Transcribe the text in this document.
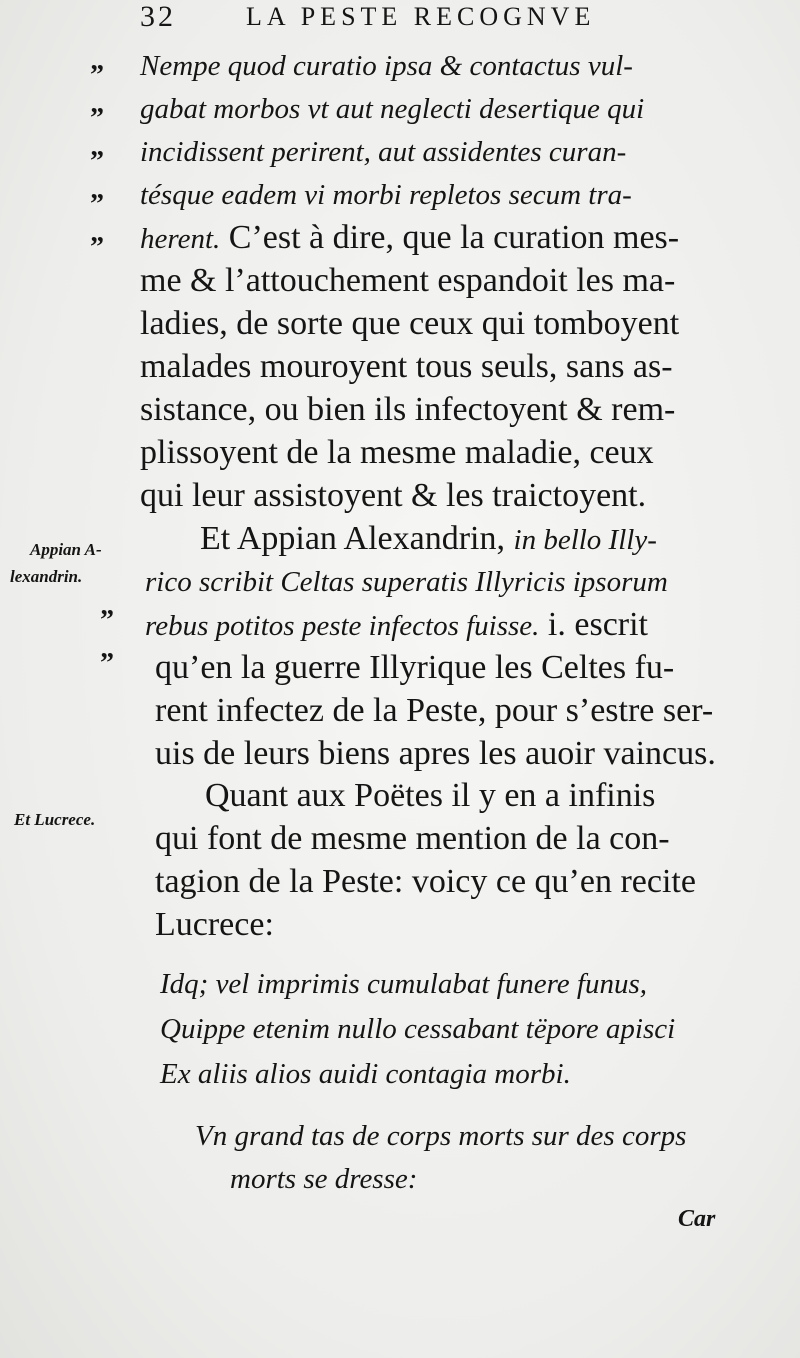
32	LA PESTE RECOGNVE
”
”
”
”
”
Nempe quod curatio ipsa & contactus vul-
gabat morbos vt aut neglecti desertique qui
incidissent perirent, aut assidentes curan-
tésque eadem vi morbi repletos secum tra-
herent. C’est à dire, que la curation mes-
me & l’attouchement espandoit les ma-
ladies, de sorte que ceux qui tomboyent
malades mouroyent tous seuls, sans as-
sistance, ou bien ils infectoyent & rem-
plissoyent de la mesme maladie, ceux
qui leur assistoyent & les traictoyent.
Appian A-
lexandrin.
”
”
Et Appian Alexandrin, in bello Illy-
rico scribit Celtas superatis Illyricis ipsorum
rebus potitos peste infectos fuisse. i. escrit
qu’en la guerre Illyrique les Celtes fu-
rent infectez de la Peste, pour s’estre ser-
uis de leurs biens apres les auoir vaincus.
Et Lucrece.
Quant aux Poëtes il y en a infinis
qui font de mesme mention de la con-
tagion de la Peste: voicy ce qu’en recite
Lucrece:
Idq; vel imprimis cumulabat funere funus,
Quippe etenim nullo cessabant tëpore apisci
Ex aliis alios auidi contagia morbi.
Vn grand tas de corps morts sur des corps
morts se dresse:
Car
